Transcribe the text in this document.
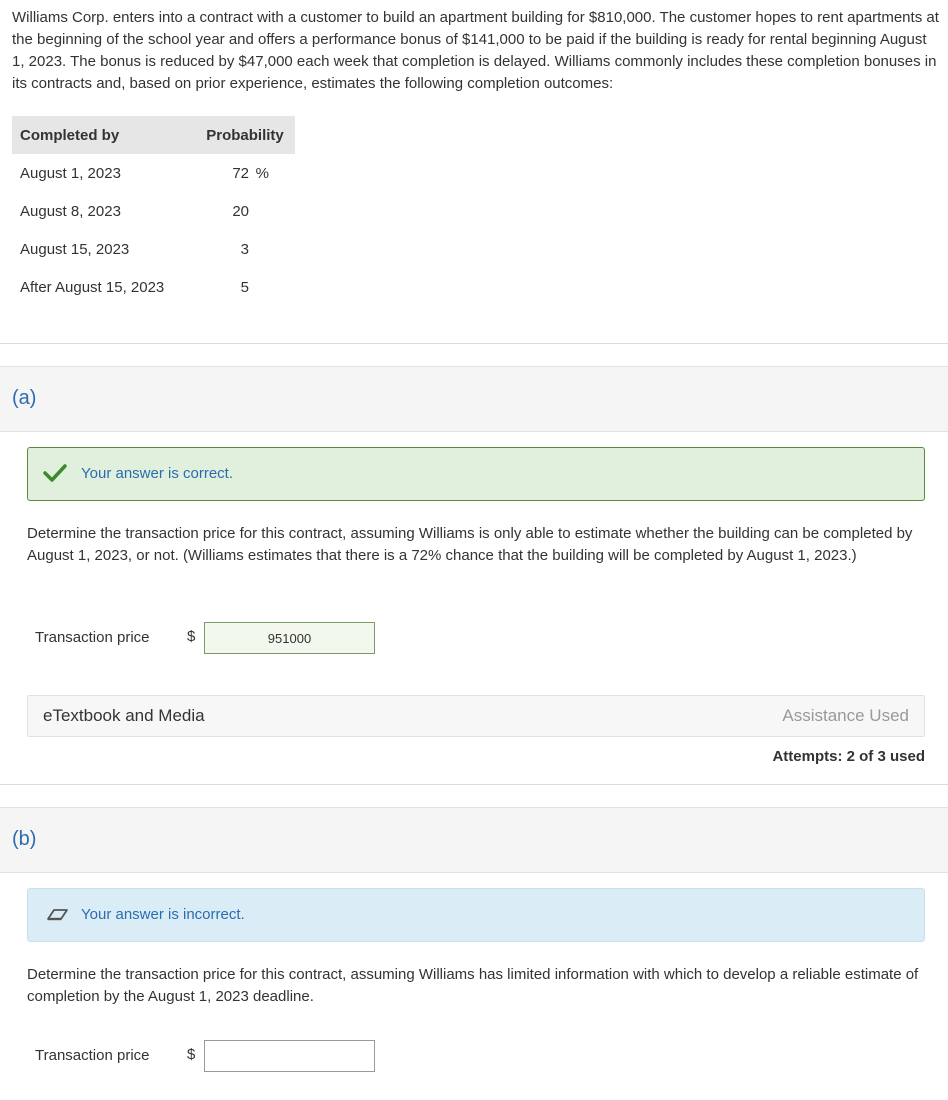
Williams Corp. enters into a contract with a customer to build an apartment building for $810,000. The customer hopes to rent apartments at the beginning of the school year and offers a performance bonus of $141,000 to be paid if the building is ready for rental beginning August 1, 2023. The bonus is reduced by $47,000 each week that completion is delayed. Williams commonly includes these completion bonuses in its contracts and, based on prior experience, estimates the following completion outcomes:

Completed by	Probability
August 1, 2023	72 %
August 8, 2023	20
August 15, 2023	3
After August 15, 2023	5
(a)
Your answer is correct.

Determine the transaction price for this contract, assuming Williams is only able to estimate whether the building can be completed by August 1, 2023, or not. (Williams estimates that there is a 72% chance that the building will be completed by August 1, 2023.)

Transaction price	$
951000
eTextbook and Media	Assistance Used
Attempts: 2 of 3 used
(b)
Your answer is incorrect.

Determine the transaction price for this contract, assuming Williams has limited information with which to develop a reliable estimate of completion by the August 1, 2023 deadline.

Transaction price	$
